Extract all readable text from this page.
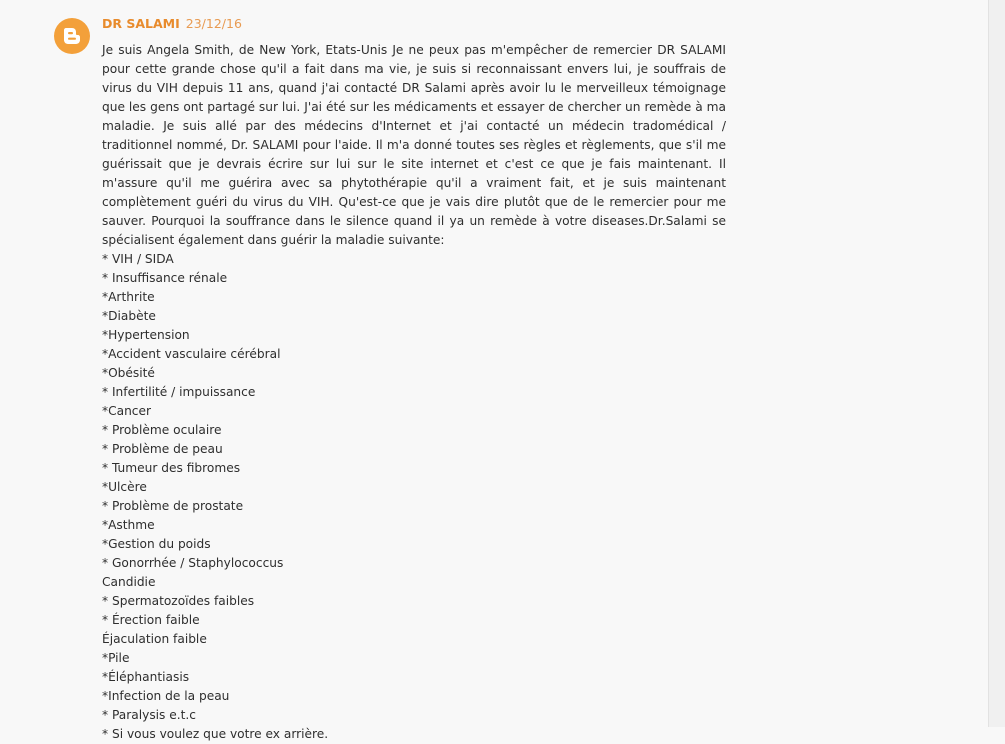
DR SALAMI 23/12/16

Je suis Angela Smith, de New York, Etats-Unis Je ne peux pas m'empêcher de remercier DR SALAMI pour cette grande chose qu'il a fait dans ma vie, je suis si reconnaissant envers lui, je souffrais de virus du VIH depuis 11 ans, quand j'ai contacté DR Salami après avoir lu le merveilleux témoignage que les gens ont partagé sur lui. J'ai été sur les médicaments et essayer de chercher un remède à ma maladie. Je suis allé par des médecins d'Internet et j'ai contacté un médecin tradomédical / traditionnel nommé, Dr. SALAMI pour l'aide. Il m'a donné toutes ses règles et règlements, que s'il me guérissait que je devrais écrire sur lui sur le site internet et c'est ce que je fais maintenant. Il m'assure qu'il me guérira avec sa phytothérapie qu'il a vraiment fait, et je suis maintenant complètement guéri du virus du VIH. Qu'est-ce que je vais dire plutôt que de le remercier pour me sauver. Pourquoi la souffrance dans le silence quand il ya un remède à votre diseases.Dr.Salami se spécialisent également dans guérir la maladie suivante:

* VIH / SIDA
* Insuffisance rénale
*Arthrite
*Diabète
*Hypertension
*Accident vasculaire cérébral
*Obésité
* Infertilité / impuissance
*Cancer
* Problème oculaire
* Problème de peau
* Tumeur des fibromes
*Ulcère
* Problème de prostate
*Asthme
*Gestion du poids
* Gonorrhée / Staphylococcus
Candidie
* Spermatozoïdes faibles
* Érection faible
Éjaculation faible
*Pile
*Éléphantiasis
*Infection de la peau
* Paralysis e.t.c
* Si vous voulez que votre ex arrière.
